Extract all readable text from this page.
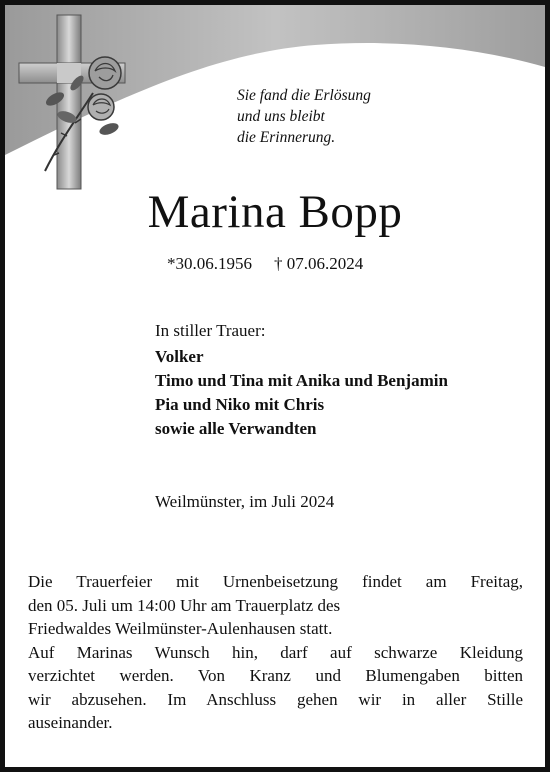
Sie fand die Erlösung
und uns bleibt
die Erinnerung.
Marina Bopp
*30.06.1956 † 07.06.2024
In stiller Trauer:
Volker
Timo und Tina mit Anika und Benjamin
Pia und Niko mit Chris
sowie alle Verwandten
Weilmünster, im Juli 2024
Die Trauerfeier mit Urnenbeisetzung findet am Freitag,
den 05. Juli um 14:00 Uhr am Trauerplatz des
Friedwaldes Weilmünster-Aulenhausen statt.
Auf Marinas Wunsch hin, darf auf schwarze Kleidung
verzichtet werden. Von Kranz und Blumengaben bitten
wir abzusehen. Im Anschluss gehen wir in aller Stille
auseinander.
